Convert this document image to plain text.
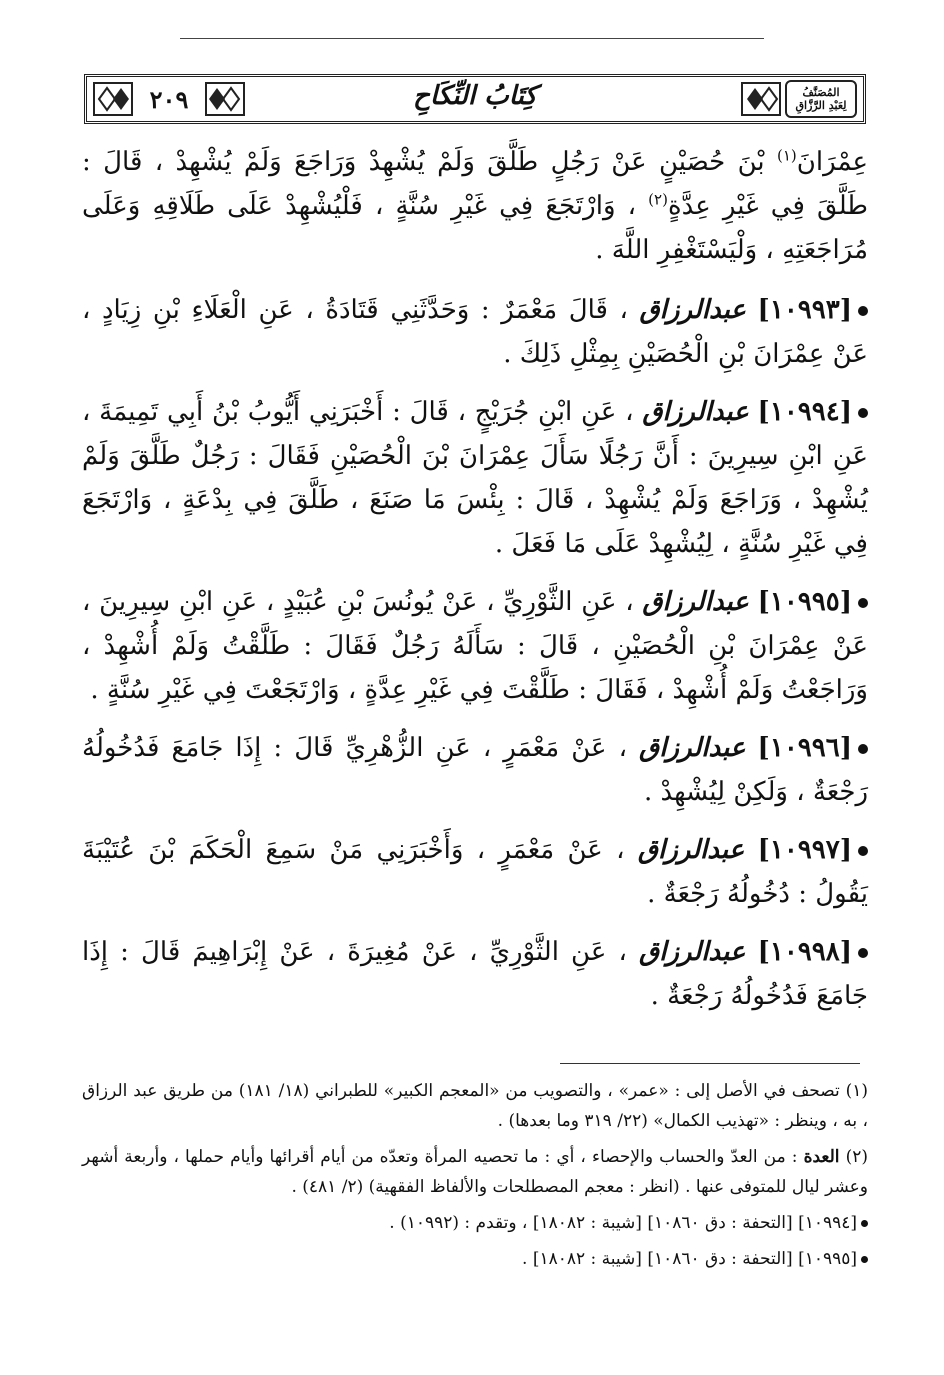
٢٠٩	كِتَابُ النِّكَاحِ	المُصَنَّفُ
لِعَبْدِ الرَّزَّاقِ

عِمْرَانَ$^{(١)}$ بْنَ حُصَيْنٍ عَنْ رَجُلٍ طَلَّقَ وَلَمْ يُشْهِدْ وَرَاجَعَ وَلَمْ يُشْهِدْ ، قَالَ : طَلَّقَ فِي غَيْرِ عِدَّةٍ$^{(٢)}$ ، وَارْتَجَعَ فِي غَيْرِ سُنَّةٍ ، فَلْيُشْهِدْ عَلَى طَلَاقِهِ وَعَلَى مُرَاجَعَتِهِ ، وَلْيَسْتَغْفِرِ اللَّهَ .

[١٠٩٩٣] عبدالرزاق ، قَالَ مَعْمَرٌ : وَحَدَّثَنِي قَتَادَةُ ، عَنِ الْعَلَاءِ بْنِ زِيَادٍ ، عَنْ عِمْرَانَ بْنِ الْحُصَيْنِ بِمِثْلِ ذَلِكَ .

[١٠٩٩٤] عبدالرزاق ، عَنِ ابْنِ جُرَيْجٍ ، قَالَ : أَخْبَرَنِي أَيُّوبُ بْنُ أَبِي تَمِيمَةَ ، عَنِ ابْنِ سِيرِينَ : أَنَّ رَجُلًا سَأَلَ عِمْرَانَ بْنَ الْحُصَيْنِ فَقَالَ : رَجُلٌ طَلَّقَ وَلَمْ يُشْهِدْ ، وَرَاجَعَ وَلَمْ يُشْهِدْ ، قَالَ : بِئْسَ مَا صَنَعَ ، طَلَّقَ فِي بِدْعَةٍ ، وَارْتَجَعَ فِي غَيْرِ سُنَّةٍ ، لِيُشْهِدْ عَلَى مَا فَعَلَ .

[١٠٩٩٥] عبدالرزاق ، عَنِ الثَّوْرِيِّ ، عَنْ يُونُسَ بْنِ عُبَيْدٍ ، عَنِ ابْنِ سِيرِينَ ، عَنْ عِمْرَانَ بْنِ الْحُصَيْنِ ، قَالَ : سَأَلَهُ رَجُلٌ فَقَالَ : طَلَّقْتُ وَلَمْ أُشْهِدْ ، وَرَاجَعْتُ وَلَمْ أُشْهِدْ ، فَقَالَ : طَلَّقْتَ فِي غَيْرِ عِدَّةٍ ، وَارْتَجَعْتَ فِي غَيْرِ سُنَّةٍ .

[١٠٩٩٦] عبدالرزاق ، عَنْ مَعْمَرٍ ، عَنِ الزُّهْرِيِّ قَالَ : إِذَا جَامَعَ فَدُخُولُهُ رَجْعَةٌ ، وَلَكِنْ لِيُشْهِدْ .

[١٠٩٩٧] عبدالرزاق ، عَنْ مَعْمَرٍ ، وَأَخْبَرَنِي مَنْ سَمِعَ الْحَكَمَ بْنَ عُتَيْبَةَ يَقُولُ : دُخُولُهُ رَجْعَةٌ .

[١٠٩٩٨] عبدالرزاق ، عَنِ الثَّوْرِيِّ ، عَنْ مُغِيرَةَ ، عَنْ إِبْرَاهِيمَ قَالَ : إِذَا جَامَعَ فَدُخُولُهُ رَجْعَةٌ .

(١) تصحف في الأصل إلى : «عمر» ، والتصويب من «المعجم الكبير» للطبراني (١٨/ ١٨١) من طريق عبد الرزاق ، به ، وينظر : «تهذيب الكمال» (٢٢/ ٣١٩ وما بعدها) .

(٢) العدة : من العدّ والحساب والإحصاء ، أي : ما تحصيه المرأة وتعدّه من أيام أقرائها وأيام حملها ، وأربعة أشهر وعشر ليال للمتوفى عنها . (انظر : معجم المصطلحات والألفاظ الفقهية) (٢/ ٤٨١) .

[١٠٩٩٤] [التحفة : دق ١٠٨٦٠] [شيبة : ١٨٠٨٢] ، وتقدم : (١٠٩٩٢) .

[١٠٩٩٥] [التحفة : دق ١٠٨٦٠] [شيبة : ١٨٠٨٢] .
